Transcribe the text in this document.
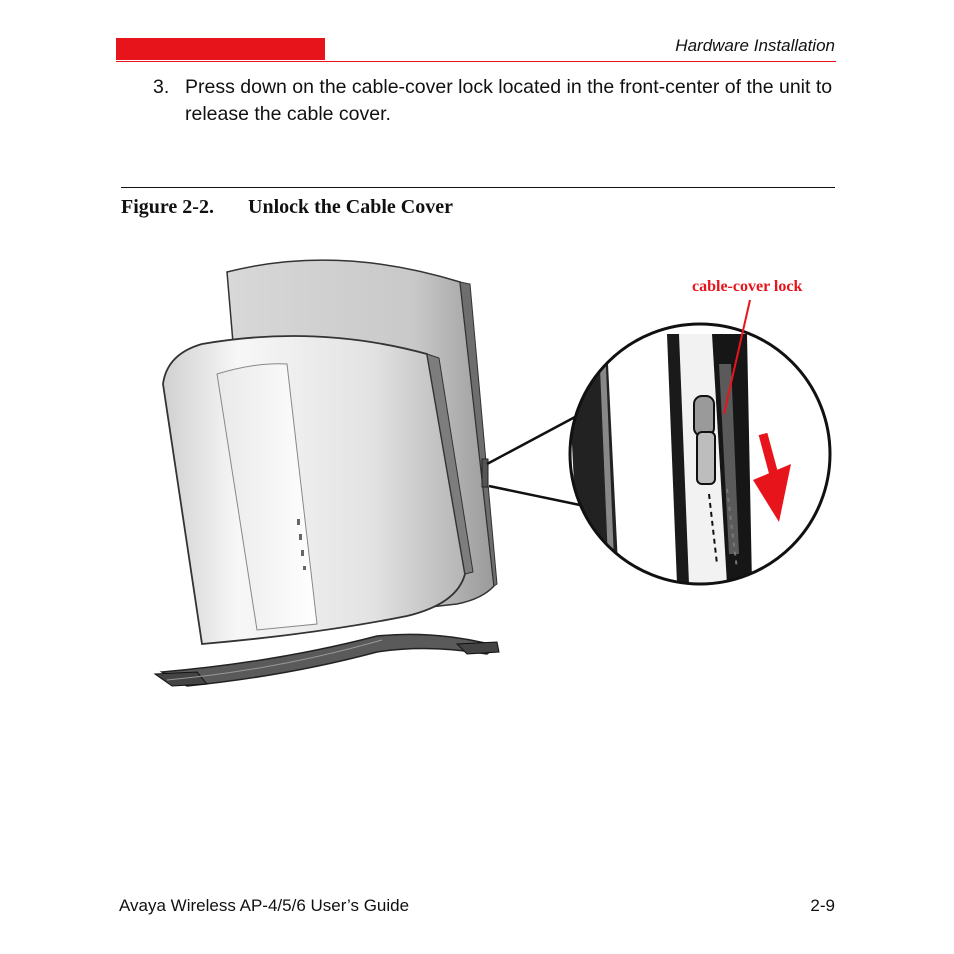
Hardware Installation
3. Press down on the cable-cover lock located in the front-center of the unit to release the cable cover.
Figure 2-2. Unlock the Cable Cover
cable-cover lock
Avaya Wireless AP-4/5/6 User’s Guide	2-9
